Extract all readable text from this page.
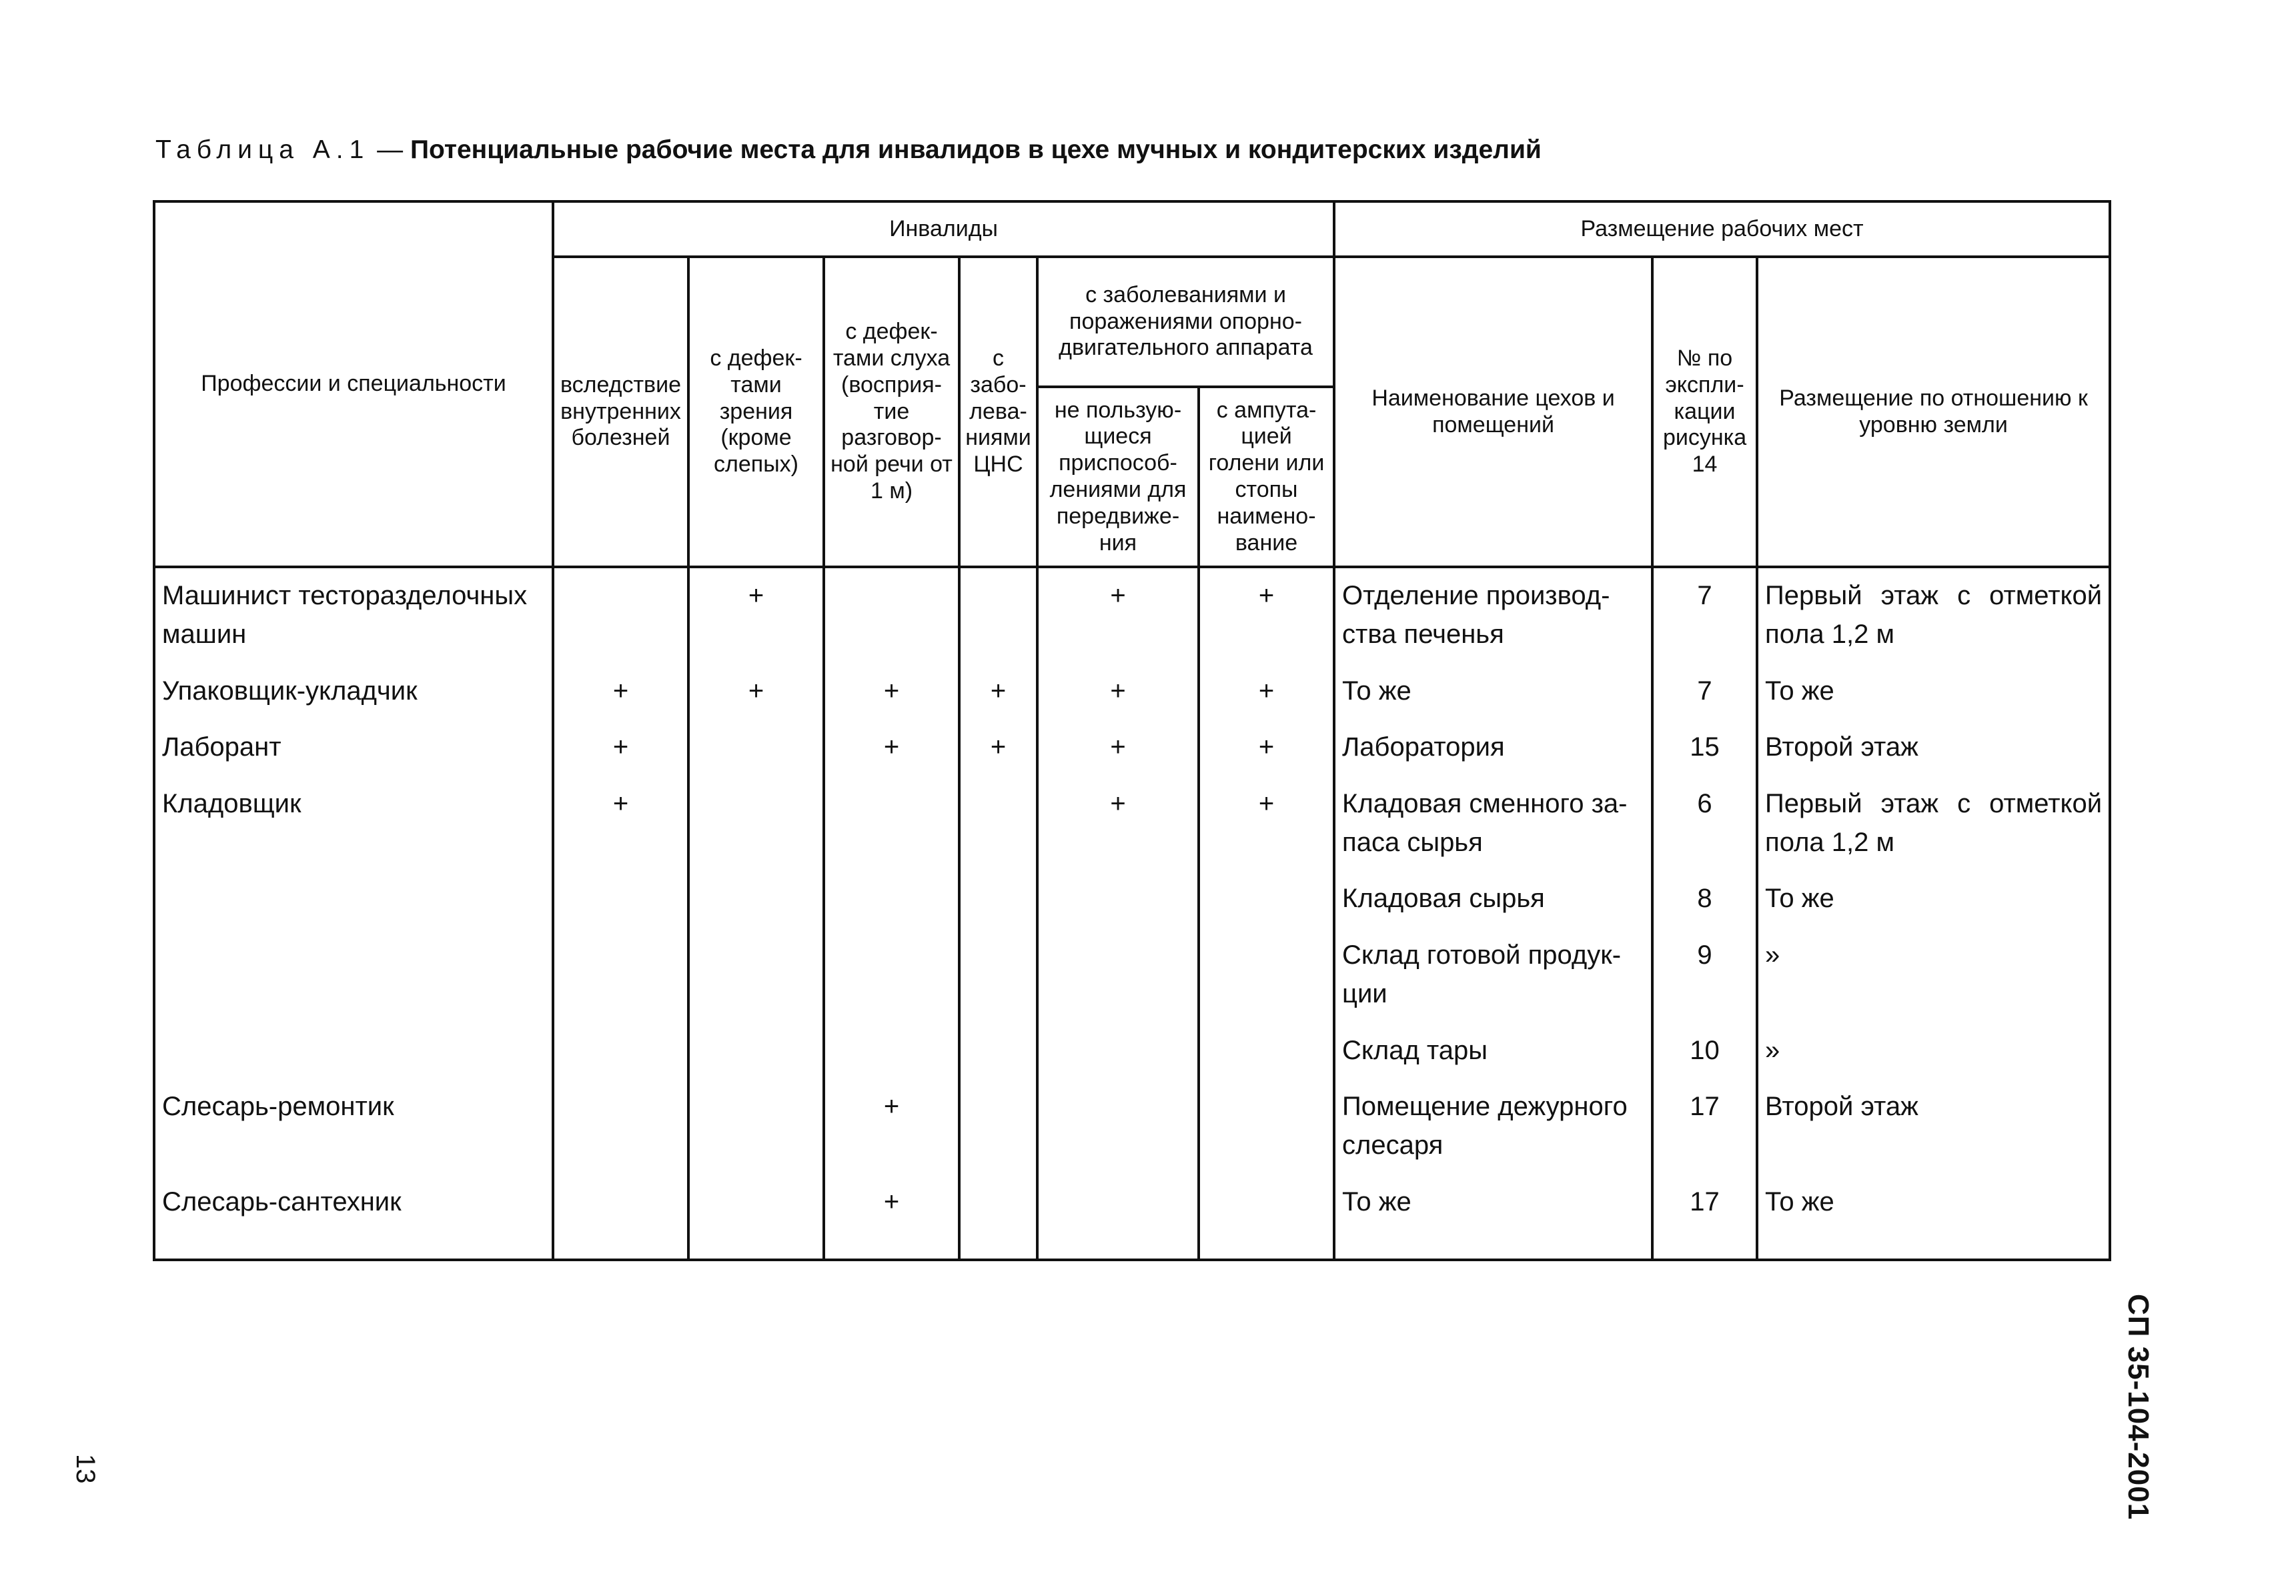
Таблица А.1 — Потенциальные рабочие места для инвалидов в цехе мучных и кондитерских изделий
Профессии и специальности	Инвалиды						Размещение рабочих мест		
	вследствие внутренних болезней	с дефектами зрения (кроме слепых)	с дефектами слуха (восприятие разговорной речи от 1 м)	с заболеваниями ЦНС	с заболеваниями и поражениями опорно-двигательного аппарата		Наименование цехов и помещений	№ по экспликации рисунка 14	Размещение по отношению к уровню земли
					не пользующиеся приспособлениями для передвижения	с ампутацией голени или стопы наименование			
Машинист тесторазделочных машин		+			+	+	Отделение производства печенья	7	Первый этаж с отметкой пола 1,2 м
Упаковщик-укладчик	+	+	+	+	+	+	То же	7	То же
Лаборант	+		+	+	+	+	Лаборатория	15	Второй этаж
Кладовщик	+				+	+	Кладовая сменного запаса сырья	6	Первый этаж с отметкой пола 1,2 м
							Кладовая сырья	8	То же
							Склад готовой продукции	9	»
							Склад тары	10	»
Слесарь-ремонтик			+				Помещение дежурного слесаря	17	Второй этаж
Слесарь-сантехник			+				То же	17	То же
СП 35-104-2001
13
